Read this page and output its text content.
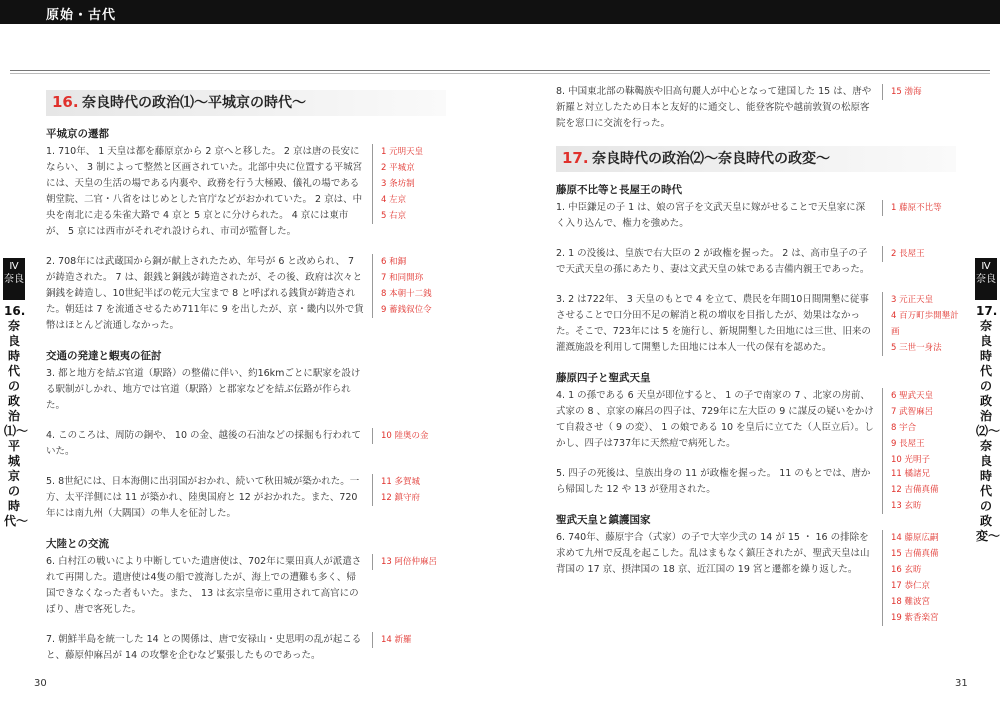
原始・古代
Ⅳ 奈良
16.奈良時代の政治⑴〜平城京の時代〜
Ⅳ 奈良
17.奈良時代の政治⑵〜奈良時代の政変〜
16. 奈良時代の政治⑴〜平城京の時代〜
平城京の遷都
1. 710年、 1 天皇は都を藤原京から 2 京へと移した。 2 京は唐の長安にならい、 3 制によって整然と区画されていた。北部中央に位置する平城宮には、天皇の生活の場である内裏や、政務を行う大極殿、儀礼の場である朝堂院、二官・八省をはじめとした官庁などがおかれていた。 2 京は、中央を南北に走る朱雀大路で 4 京と 5 京とに分けられた。 4 京には東市が、 5 京には西市がそれぞれ設けられ、市司が監督した。
1 元明天皇
2 平城京
3 条坊制
4 左京
5 右京
2. 708年には武蔵国から銅が献上されたため、年号が 6 と改められ、 7 が鋳造された。 7 は、銀銭と銅銭が鋳造されたが、その後、政府は次々と銅銭を鋳造し、10世紀半ばの乾元大宝まで 8 と呼ばれる銭貨が鋳造された。朝廷は 7 を流通させるため711年に 9 を出したが、京・畿内以外で貨幣はほとんど流通しなかった。
6 和銅
7 和同開珎
8 本朝十二銭
9 蓄銭叙位令
交通の発達と蝦夷の征討
3. 都と地方を結ぶ官道（駅路）の整備に伴い、約16kmごとに駅家を設ける駅制がしかれ、地方では官道（駅路）と郡家などを結ぶ伝路が作られた。
4. このころは、周防の銅や、 10 の金、越後の石油などの採掘も行われていた。
10 陸奥の金
5. 8世紀には、日本海側に出羽国がおかれ、続いて秋田城が築かれた。一方、太平洋側には 11 が築かれ、陸奥国府と 12 がおかれた。また、720年には南九州（大隅国）の隼人を征討した。
11 多賀城
12 鎮守府
大陸との交流
6. 白村江の戦いにより中断していた遣唐使は、702年に粟田真人が派遣されて再開した。遣唐使は4隻の船で渡海したが、海上での遭難も多く、帰国できなくなった者もいた。また、 13 は玄宗皇帝に重用されて高官にのぼり、唐で客死した。
13 阿倍仲麻呂
7. 朝鮮半島を統一した 14 との関係は、唐で安禄山・史思明の乱が起こると、藤原仲麻呂が 14 の攻撃を企むなど緊張したものであった。
14 新羅
8. 中国東北部の靺鞨族や旧高句麗人が中心となって建国した 15 は、唐や新羅と対立したため日本と友好的に通交し、能登客院や越前敦賀の松原客院を窓口に交流を行った。
15 渤海
17. 奈良時代の政治⑵〜奈良時代の政変〜
藤原不比等と長屋王の時代
1. 中臣鎌足の子 1 は、娘の宮子を文武天皇に嫁がせることで天皇家に深く入り込んで、権力を強めた。
1 藤原不比等
2. 1 の没後は、皇族で右大臣の 2 が政権を握った。 2 は、高市皇子の子で天武天皇の孫にあたり、妻は文武天皇の妹である吉備内親王であった。
2 長屋王
3. 2 は722年、 3 天皇のもとで 4 を立て、農民を年間10日間開墾に従事させることで口分田不足の解消と税の増収を目指したが、効果はなかった。そこで、723年には 5 を施行し、新規開墾した田地には三世、旧来の灌漑施設を利用して開墾した田地には本人一代の保有を認めた。
3 元正天皇
4 百万町歩開墾計画
5 三世一身法
藤原四子と聖武天皇
4. 1 の孫である 6 天皇が即位すると、 1 の子で南家の 7 、北家の房前、式家の 8 、京家の麻呂の四子は、729年に左大臣の 9 に謀反の疑いをかけて自殺させ（ 9 の変）、 1 の娘である 10 を皇后に立てた（人臣立后）。しかし、四子は737年に天然痘で病死した。
6 聖武天皇
7 武智麻呂
8 宇合
9 長屋王
10 光明子
5. 四子の死後は、皇族出身の 11 が政権を握った。 11 のもとでは、唐から帰国した 12 や 13 が登用された。
11 橘諸兄
12 吉備真備
13 玄昉
聖武天皇と鎮護国家
6. 740年、藤原宇合（式家）の子で大宰少弐の 14 が 15 ・ 16 の排除を求めて九州で反乱を起こした。乱はまもなく鎮圧されたが、聖武天皇は山背国の 17 京、摂津国の 18 京、近江国の 19 宮と遷都を繰り返した。
14 藤原広嗣
15 吉備真備
16 玄昉
17 恭仁京
18 難波宮
19 紫香楽宮
30	31
